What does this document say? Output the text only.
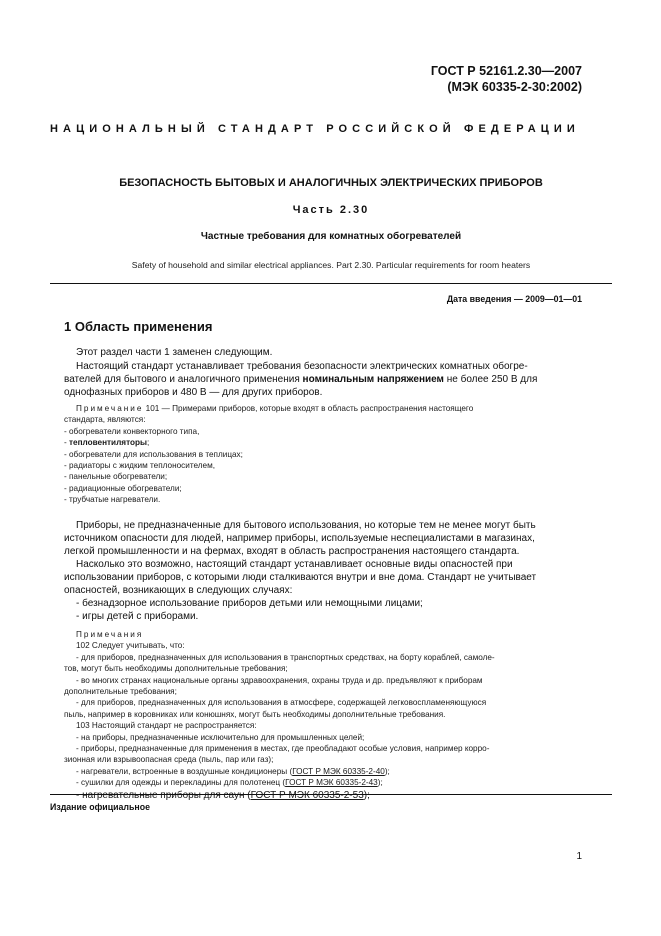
ГОСТ Р 52161.2.30—2007
(МЭК 60335-2-30:2002)
НАЦИОНАЛЬНЫЙ СТАНДАРТ РОССИЙСКОЙ ФЕДЕРАЦИИ
БЕЗОПАСНОСТЬ БЫТОВЫХ И АНАЛОГИЧНЫХ ЭЛЕКТРИЧЕСКИХ ПРИБОРОВ
Часть 2.30
Частные требования для комнатных обогревателей
Safety of household and similar electrical appliances. Part 2.30. Particular requirements for room heaters
Дата введения — 2009—01—01
1 Область применения
Этот раздел части 1 заменен следующим.

Настоящий стандарт устанавливает требования безопасности электрических комнатных обогре-

вателей для бытового и аналогичного применения номинальным напряжением не более 250 В для

однофазных приборов и 480 В — для других приборов.

Примечание 101 — Примерами приборов, которые входят в область распространения настоящего

стандарта, являются:

- обогреватели конвекторного типа,

- тепловентиляторы;

- обогреватели для использования в теплицах;

- радиаторы с жидким теплоносителем,

- панельные обогреватели;

- радиационные обогреватели;

- трубчатые нагреватели.

Приборы, не предназначенные для бытового использования, но которые тем не менее могут быть

источником опасности для людей, например приборы, используемые неспециалистами в магазинах,

легкой промышленности и на фермах, входят в область распространения настоящего стандарта.

Насколько это возможно, настоящий стандарт устанавливает основные виды опасностей при

использовании приборов, с которыми люди сталкиваются внутри и вне дома. Стандарт не учитывает

опасностей, возникающих в следующих случаях:

- безнадзорное использование приборов детьми или немощными лицами;

- игры детей с приборами.

Примечания

102 Следует учитывать, что:

- для приборов, предназначенных для использования в транспортных средствах, на борту кораблей, самоле-

тов, могут быть необходимы дополнительные требования;

- во многих странах национальные органы здравоохранения, охраны труда и др. предъявляют к приборам

дополнительные требования;

- для приборов, предназначенных для использования в атмосфере, содержащей легковоспламеняющуюся

пыль, например в коровниках или конюшнях, могут быть необходимы дополнительные требования.

103 Настоящий стандарт не распространяется:

- на приборы, предназначенные исключительно для промышленных целей;

- приборы, предназначенные для применения в местах, где преобладают особые условия, например корро-

зионная или взрывоопасная среда (пыль, пар или газ);

- нагреватели, встроенные в воздушные кондиционеры (ГОСТ Р МЭК 60335-2-40);

- сушилки для одежды и перекладины для полотенец (ГОСТ Р МЭК 60335-2-43);

- нагревательные приборы для саун (ГОСТ Р МЭК 60335-2-53);

Издание официальное
1
